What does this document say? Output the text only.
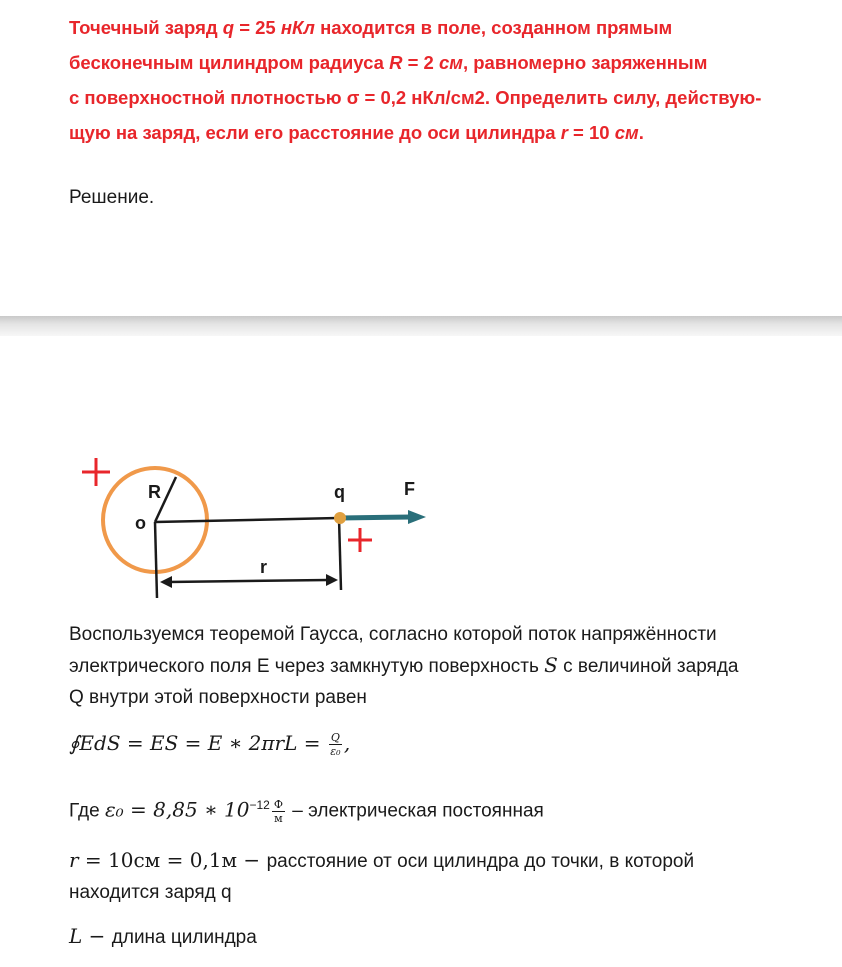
Точечный заряд q = 25 нКл находится в поле, созданном прямым

бесконечным цилиндром радиуса R = 2 см, равномерно заряженным

с поверхностной плотностью σ = 0,2 нКл/см2. Определить силу, действую-

щую на заряд, если его расстояние до оси цилиндра r = 10 см.

Решение.
R
o
q	F
r
Воспользуемся теоремой Гаусса, согласно которой поток напряжённости
электрического поля E через замкнутую поверхность S с величиной заряда
Q внутри этой поверхности равен
∮EdS = ES = E ∗ $2\pi rL = \frac{Q}{\text{ε₀}}$ ,
Где ε₀ = 8,85 ∗ $10^{-12} \frac{Ф}{м}$ – электрическая постоянная
r = 10см = 0,1м − расстояние от оси цилиндра до точки, в которой
находится заряд q
L − длина цилиндра
